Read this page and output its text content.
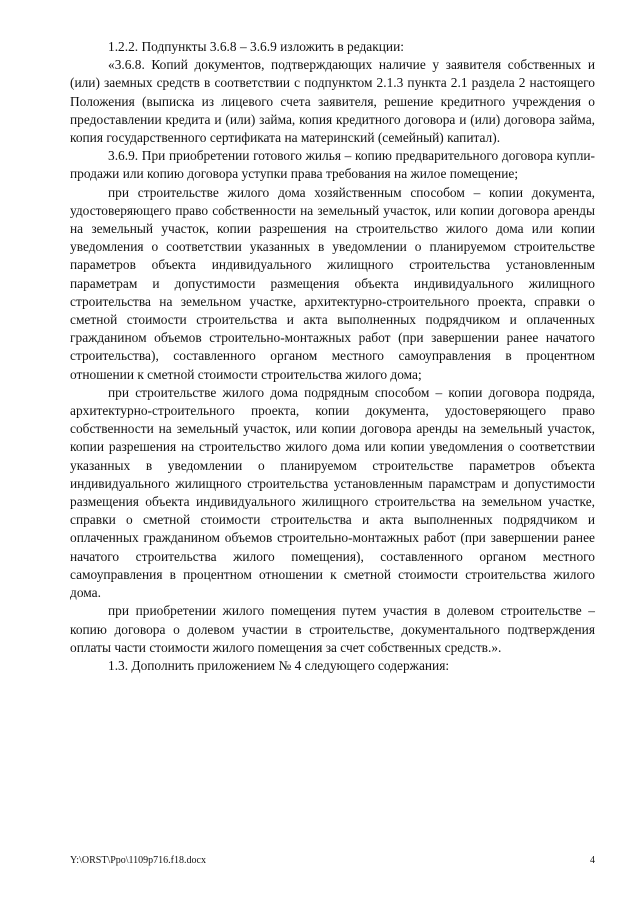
1.2.2. Подпункты 3.6.8 – 3.6.9 изложить в редакции:

«3.6.8. Копий документов, подтверждающих наличие у заявителя собственных и (или) заемных средств в соответствии с подпунктом 2.1.3 пункта 2.1 раздела 2 настоящего Положения (выписка из лицевого счета заявителя, решение кредитного учреждения о предоставлении кредита и (или) займа, копия кредитного договора и (или) договора займа, копия государственного сертификата на материнский (семейный) капитал).

3.6.9. При приобретении готового жилья – копию предварительного договора купли-продажи или копию договора уступки права требования на жилое помещение;

при строительстве жилого дома хозяйственным способом – копии документа, удостоверяющего право собственности на земельный участок, или копии договора аренды на земельный участок, копии разрешения на строительство жилого дома или копии уведомления о соответствии указанных в уведомлении о планируемом строительстве параметров объекта индивидуального жилищного строительства установленным параметрам и допустимости размещения объекта индивидуального жилищного строительства на земельном участке, архитектурно-строительного проекта, справки о сметной стоимости строительства и акта выполненных подрядчиком и оплаченных гражданином объемов строительно-монтажных работ (при завершении ранее начатого строительства), составленного органом местного самоуправления в процентном отношении к сметной стоимости строительства жилого дома;

при строительстве жилого дома подрядным способом – копии договора подряда, архитектурно-строительного проекта, копии документа, удостоверяющего право собственности на земельный участок, или копии договора аренды на земельный участок, копии разрешения на строительство жилого дома или копии уведомления о соответствии указанных в уведомлении о планируемом строительстве параметров объекта индивидуального жилищного строительства установленным парамстрам и допустимости размещения объекта индивидуального жилищного строительства на земельном участке, справки о сметной стоимости строительства и акта выполненных подрядчиком и оплаченных гражданином объемов строительно-монтажных работ (при завершении ранее начатого строительства жилого помещения), составленного органом местного самоуправления в процентном отношении к сметной стоимости строительства жилого дома.

при приобретении жилого помещения путем участия в долевом строительстве – копию договора о долевом участии в строительстве, документального подтверждения оплаты части стоимости жилого помещения за счет собственных средств.».

1.3. Дополнить приложением № 4 следующего содержания:

Y:\ORST\Ppo\1109p716.f18.docx	4
